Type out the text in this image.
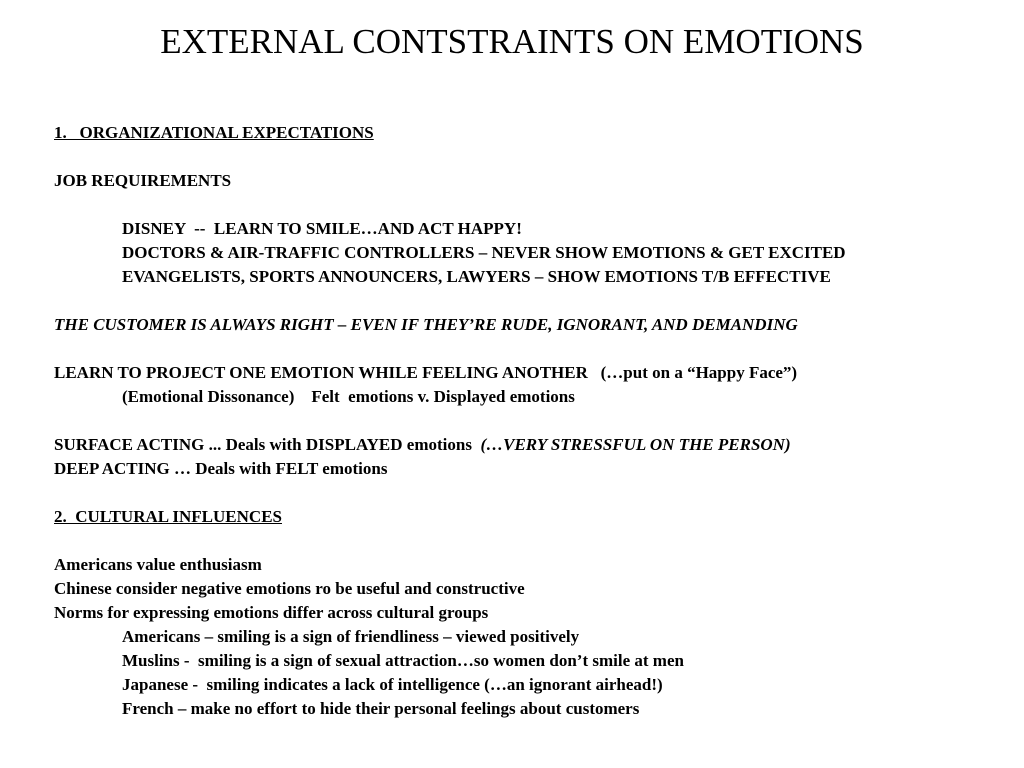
EXTERNAL CONTSTRAINTS ON EMOTIONS
1.   ORGANIZATIONAL EXPECTATIONS
JOB REQUIREMENTS
DISNEY  --  LEARN TO SMILE…AND ACT HAPPY!
DOCTORS & AIR-TRAFFIC CONTROLLERS – NEVER SHOW EMOTIONS & GET EXCITED
EVANGELISTS, SPORTS ANNOUNCERS, LAWYERS – SHOW EMOTIONS T/B EFFECTIVE
THE CUSTOMER IS ALWAYS RIGHT – EVEN IF THEY’RE RUDE, IGNORANT, AND DEMANDING
LEARN TO PROJECT ONE EMOTION WHILE FEELING ANOTHER   (…put on a “Happy Face”)
(Emotional Dissonance)    Felt  emotions v. Displayed emotions
SURFACE ACTING ... Deals with DISPLAYED emotions  (…VERY STRESSFUL ON THE PERSON)
DEEP ACTING … Deals with FELT emotions
2.  CULTURAL INFLUENCES
Americans value enthusiasm
Chinese consider negative emotions ro be useful and constructive
Norms for expressing emotions differ across cultural groups
Americans – smiling is a sign of friendliness – viewed positively
Muslins -  smiling is a sign of sexual attraction…so women don’t smile at men
Japanese -  smiling indicates a lack of intelligence (…an ignorant airhead!)
French – make no effort to hide their personal feelings about customers
